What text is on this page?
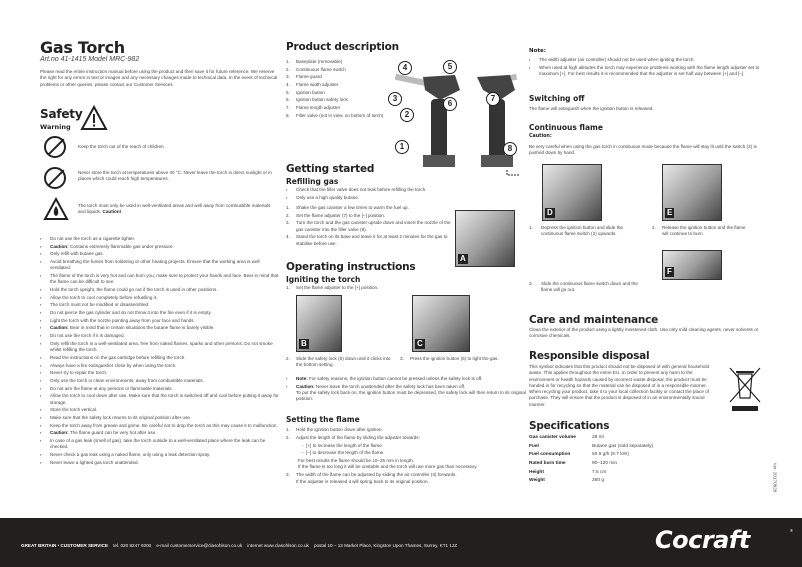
Gas Torch
Art.no 41-1415 Model MRC-982
Please read the entire instruction manual before using the product and then save it for future reference. We reserve the right for any errors in text or images and any necessary changes made to technical data. In the event of technical problems or other queries, please contact our Customer Services.
Safety
Warning
Keep the torch out of the reach of children.
Never store the torch at temperatures above 40 °C. Never leave the torch in direct sunlight or in places which could reach high temperatures.
The torch must only be used in well-ventilated areas and well away from combustible materials and liquids. Caution!
▪ Do not use the torch as a cigarette lighter.
▪ Caution: Contains extremely flammable gas under pressure.
▪ Only refill with butane gas.
▪ Avoid breathing the fumes from soldering or other heating projects. Ensure that the working area is well ventilated.
▪ The flame of the torch is very hot and can burn you; make sure to protect your hands and face. Bear in mind that the flame can be difficult to see.
▪ Hold the torch upright, the flame could go out if the torch is used in other positions.
▪ Allow the torch to cool completely before refuelling it.
▪ The torch must not be modified or disassembled.
▪ Do not pierce the gas cylinder and do not throw it into the fire even if it is empty.
▪ Light the torch with the nozzle pointing away from your face and hands.
▪ Caution: Bear in mind that in certain situations the butane flame is barely visible.
▪ Do not use the torch if it is damaged.
▪ Only refill the torch in a well-ventilated area, free from naked flames, sparks and other persons. Do not smoke whilst refilling the torch.
▪ Read the instructions on the gas cartridge before refilling the torch.
▪ Always have a fire extinguisher close by when using the torch.
▪ Never try to repair the torch.
▪ Only use the torch in clean environments, away from combustible materials.
▪ Do not aim the flame at any persons or flammable materials.
▪ Allow the torch to cool down after use. Make sure that the torch is switched off and cool before putting it away for storage.
▪ Store the torch vertical.
▪ Make sure that the safety lock returns to its original position after use.
▪ Keep the torch away from grease and grime. Be careful not to drop the torch as this may cause it to malfunction.
▪ Caution: The flame guard can be very hot after use.
▪ In case of a gas leak (smell of gas), take the torch outside to a well-ventilated place where the leak can be checked.
▪ Never check a gas leak using a naked flame, only using a leak detection spray.
▪ Never leave a lighted gas torch unattended.
Product description
1. Baseplate (removable)
2. Continuous flame switch
3. Flame guard
4. Flame width adjuster
5. Ignition button
6. Ignition button safety lock
7. Flame length adjuster
8. Filler valve (not in view, on bottom of torch)
1
2
3
4	5
6
7
8
Getting started
Refilling gas
▪ Check that the filler valve does not leak before refilling the torch.
▪ Only use a high quality butane.
1. Shake the gas canister a few times to warm the fuel up.
2. Set the flame adjuster (7) to the [–] position.
3. Turn the torch and the gas canister upside down and insert the nozzle of the gas canister into the filler valve (8).
4. Stand the torch on its base and leave it for at least 2 minutes for the gas to stabilise before use.
A
Operating instructions
Igniting the torch
1. Set the flame adjuster to the [+] position.
B	C
2. Slide the safety lock (6) down until it clicks into the bottom setting.
3. Press the ignition button (5) to light the gas.
▪ Note: For safety reasons, the ignition button cannot be pressed unless the safety lock is off.
▪ Caution: Never leave the torch unattended after the safety lock has been taken off.
To put the safety lock back on, the ignition button must be depressed, the safety lock will then return to its original position.
Setting the flame
1. Hold the ignition button down after ignition.
2. Adjust the length of the flame by sliding the adjuster towards:
-  [+] to increase the length of the flame.
-  [–] to decrease the length of the flame.
For best results the flame should be 10–25 mm in length.
If the flame is too long it will be unstable and the torch will use more gas than necessary.
3. The width of the flame can be adjusted by sliding the air controller (4) forwards.
If the adjuster is released it will spring back to its original position.
Note:
▪ The width adjuster (air controller) should not be used when igniting the torch.
▪ When used at high altitudes the torch may experience problems working with the flame length adjuster set to maximum [+]. For best results it is recommended that the adjuster is set half way between [+] and [–].
Switching off
The flame will extinguish when the ignition button is released.
Continuous flame
Caution:
Be very careful when using the gas torch in continuous mode because the flame will stay lit until the switch (2) is pushed down by hand.
D	E
1. Depress the ignition button and slide the continuous flame switch (2) upwards.
2. Release the ignition button and the flame will continue to burn.
F
3. Slide the continuous flame switch down and the flame will go out.
Care and maintenance
Clean the exterior of the product using a lightly moistened cloth. Use only mild cleaning agents, never solvents or corrosive chemicals.
Responsible disposal
This symbol indicates that this product should not be disposed of with general household waste. This applies throughout the entire EU. In order to prevent any harm to the environment or health hazards caused by incorrect waste disposal, the product must be handed in for recycling so that the material can be disposed of in a responsible manner. When recycling your product, take it to your local collection facility or contact the place of purchase. They will ensure that the product is disposed of in an environmentally sound manner.
Specifications
Gas canister volume	28 ml
Fuel	Butane gas (sold separately)
Fuel consumption	50.9 g/h (0.7 kW)
Rated burn time	90–120 min
Height	7.5 cm
Weight	260 g	Ver. 20170828
GREAT BRITAIN • CUSTOMER SERVICE tel. 020 8247 9300 e-mail customerservice@clasohlson.co.uk internet www.clasohlson.co.uk postal 10 – 13 Market Place, Kingston Upon Thames, Surrey, KT1 1JZ	Cocraft	®
